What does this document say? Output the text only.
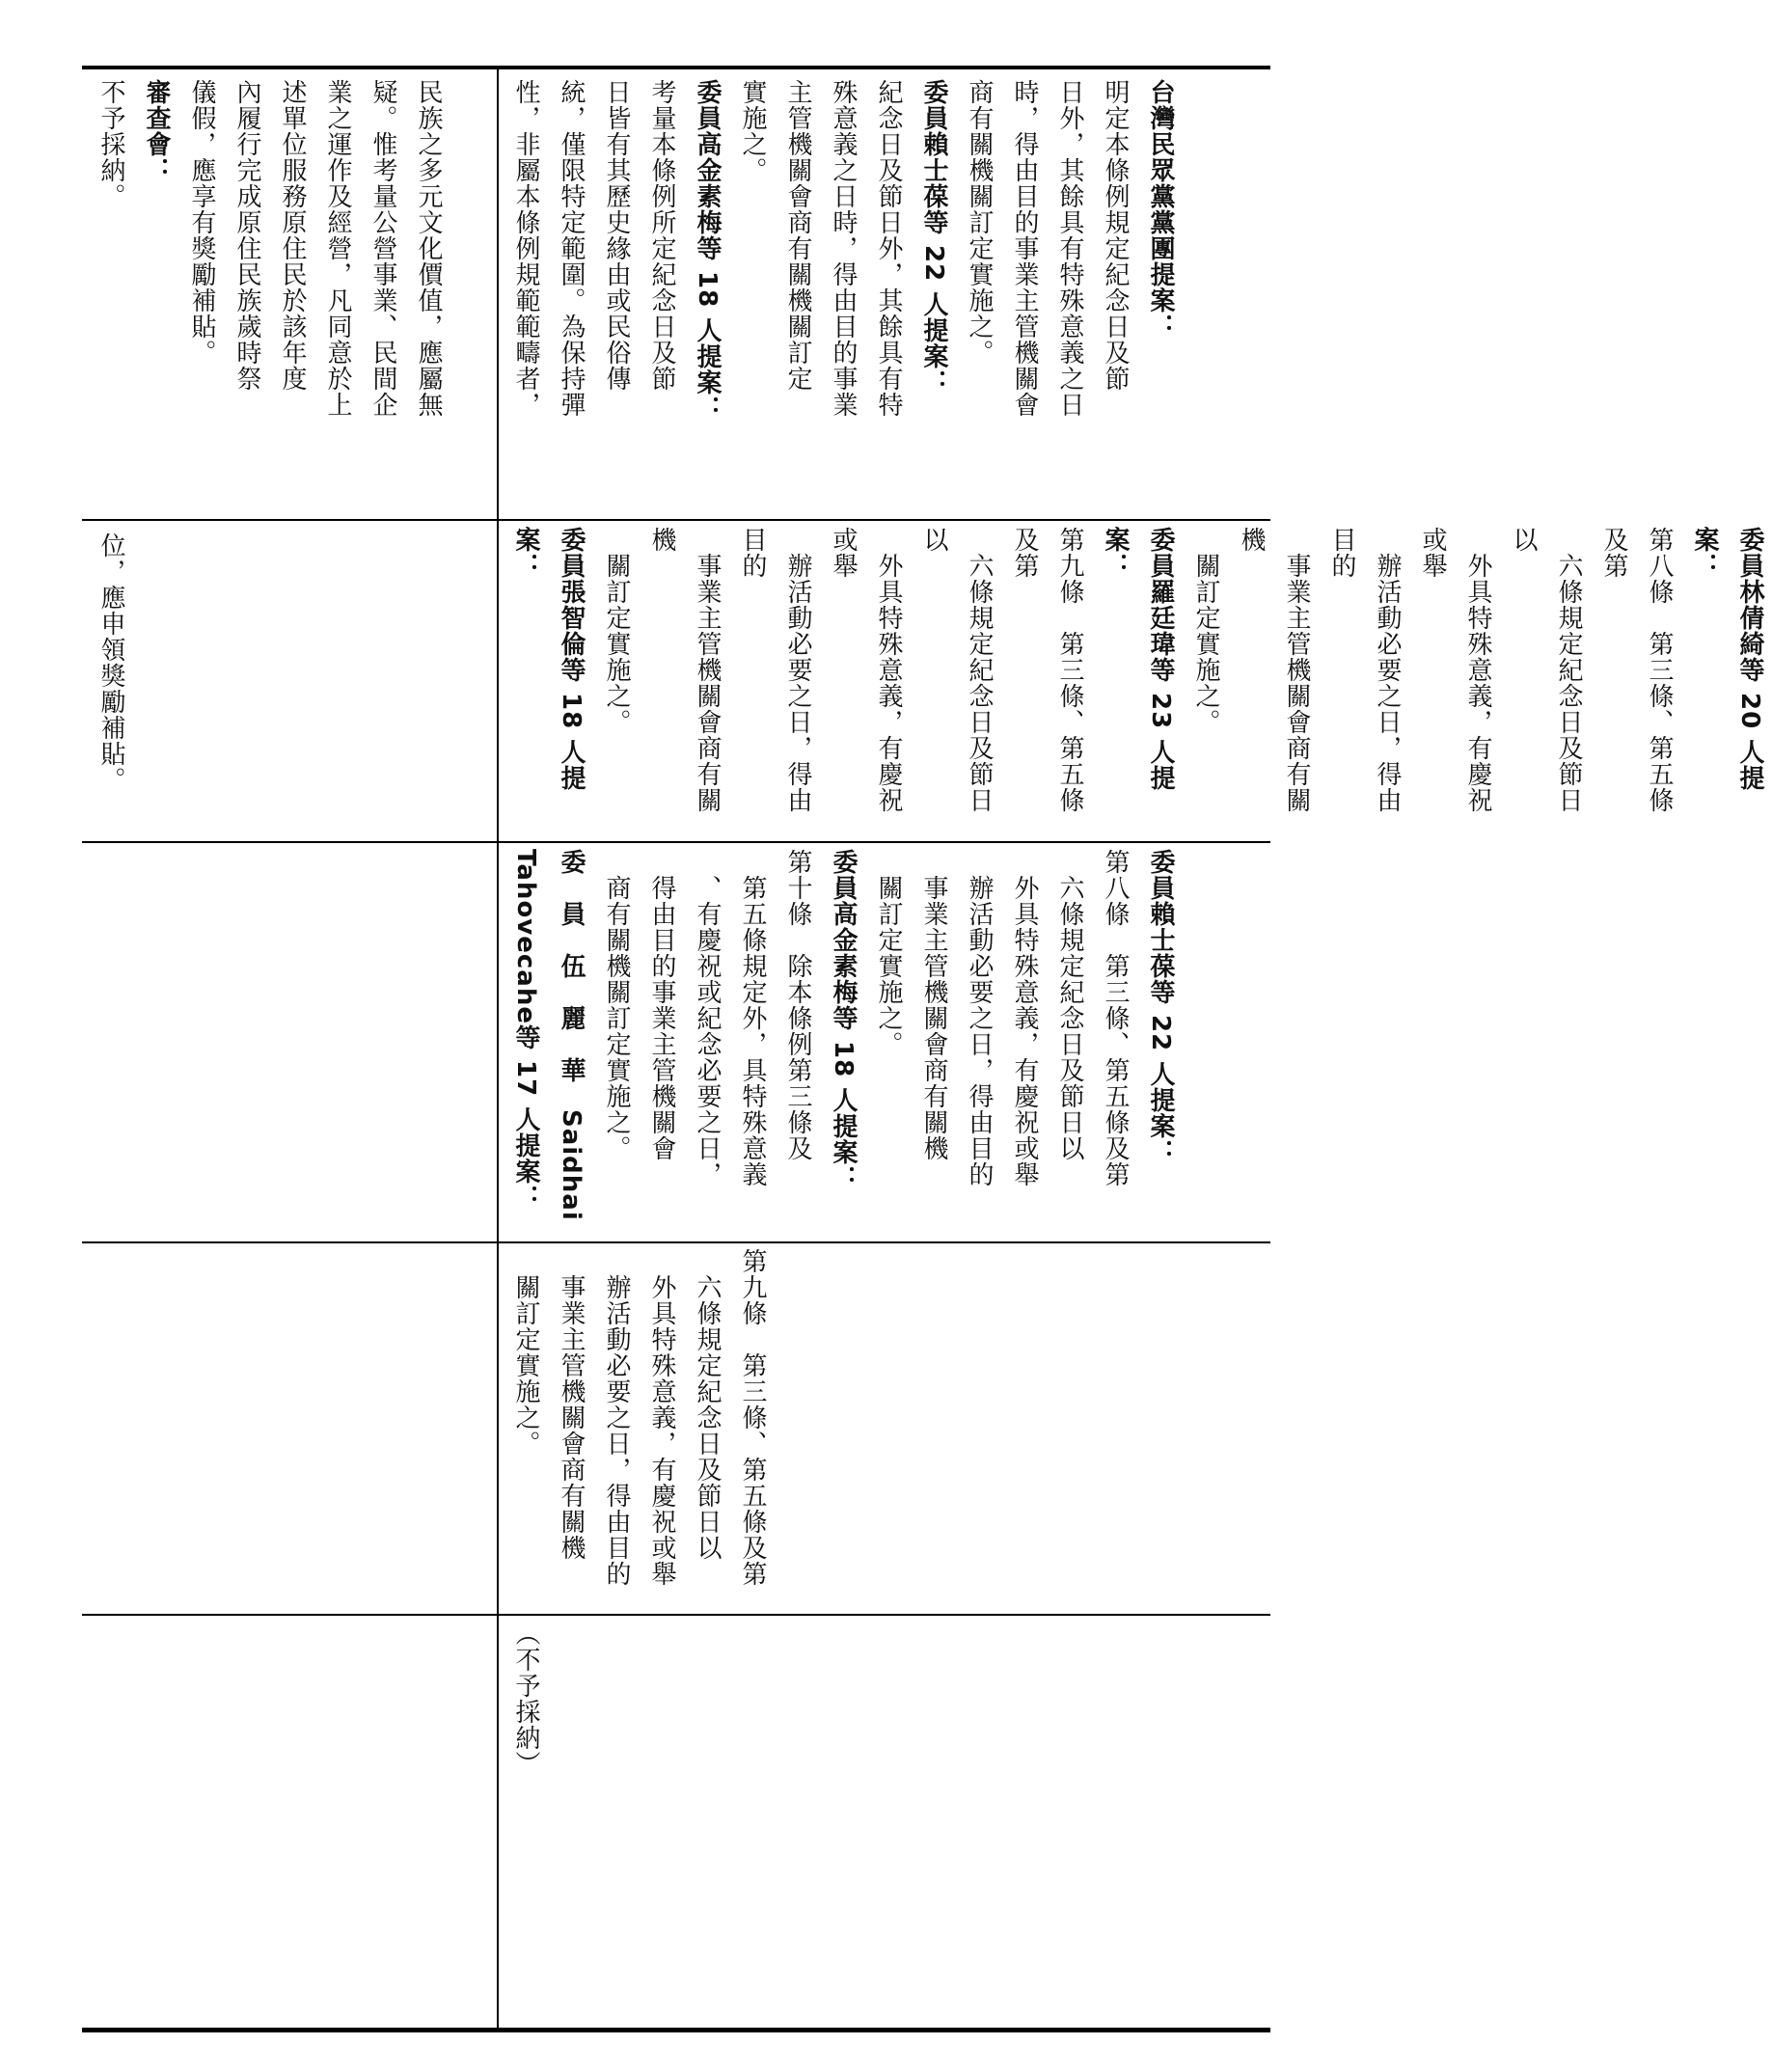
民族之多元文化價值，應屬無
疑。惟考量公營事業、民間企
業之運作及經營，凡同意於上
述單位服務原住民於該年度
內履行完成原住民族歲時祭
儀假，應享有獎勵補貼。
審查會：
不予採納。
位，應申領獎勵補貼。
台灣民眾黨黨團提案：
明定本條例規定紀念日及節
日外，其餘具有特殊意義之日
時，得由目的事業主管機關會
商有關機關訂定實施之。
委員賴士葆等 22 人提案：
紀念日及節日外，其餘具有特
殊意義之日時，得由目的事業
主管機關會商有關機關訂定
實施之。
委員高金素梅等 18 人提案：
考量本條例所定紀念日及節
日皆有其歷史緣由或民俗傳
統，僅限特定範圍。為保持彈
性，非屬本條例規範範疇者，
委員林倩綺等 20 人提案：
第八條　第三條、第五條及第
　六條規定紀念日及節日以
　外具特殊意義，有慶祝或舉
　辦活動必要之日，得由目的
　事業主管機關會商有關機
　關訂定實施之。
委員羅廷瑋等 23 人提案：
第九條　第三條、第五條及第
　六條規定紀念日及節日以
　外具特殊意義，有慶祝或舉
　辦活動必要之日，得由目的
　事業主管機關會商有關機
　關訂定實施之。
委員張智倫等 18 人提案：
委員賴士葆等 22 人提案：
第八條　第三條、第五條及第
　六條規定紀念日及節日以
　外具特殊意義，有慶祝或舉
　辦活動必要之日，得由目的
　事業主管機關會商有關機
　關訂定實施之。
委員高金素梅等 18 人提案：
第十條　除本條例第三條及
　第五條規定外，具特殊意義
　、有慶祝或紀念必要之日，
　得由目的事業主管機關會
　商有關機關訂定實施之。
委　員　伍　麗　華　Saidhai
Tahovecahe等 17 人提案：
第九條　第三條、第五條及第
　六條規定紀念日及節日以
　外具特殊意義，有慶祝或舉
　辦活動必要之日，得由目的
　事業主管機關會商有關機
　關訂定實施之。
（不予採納）
